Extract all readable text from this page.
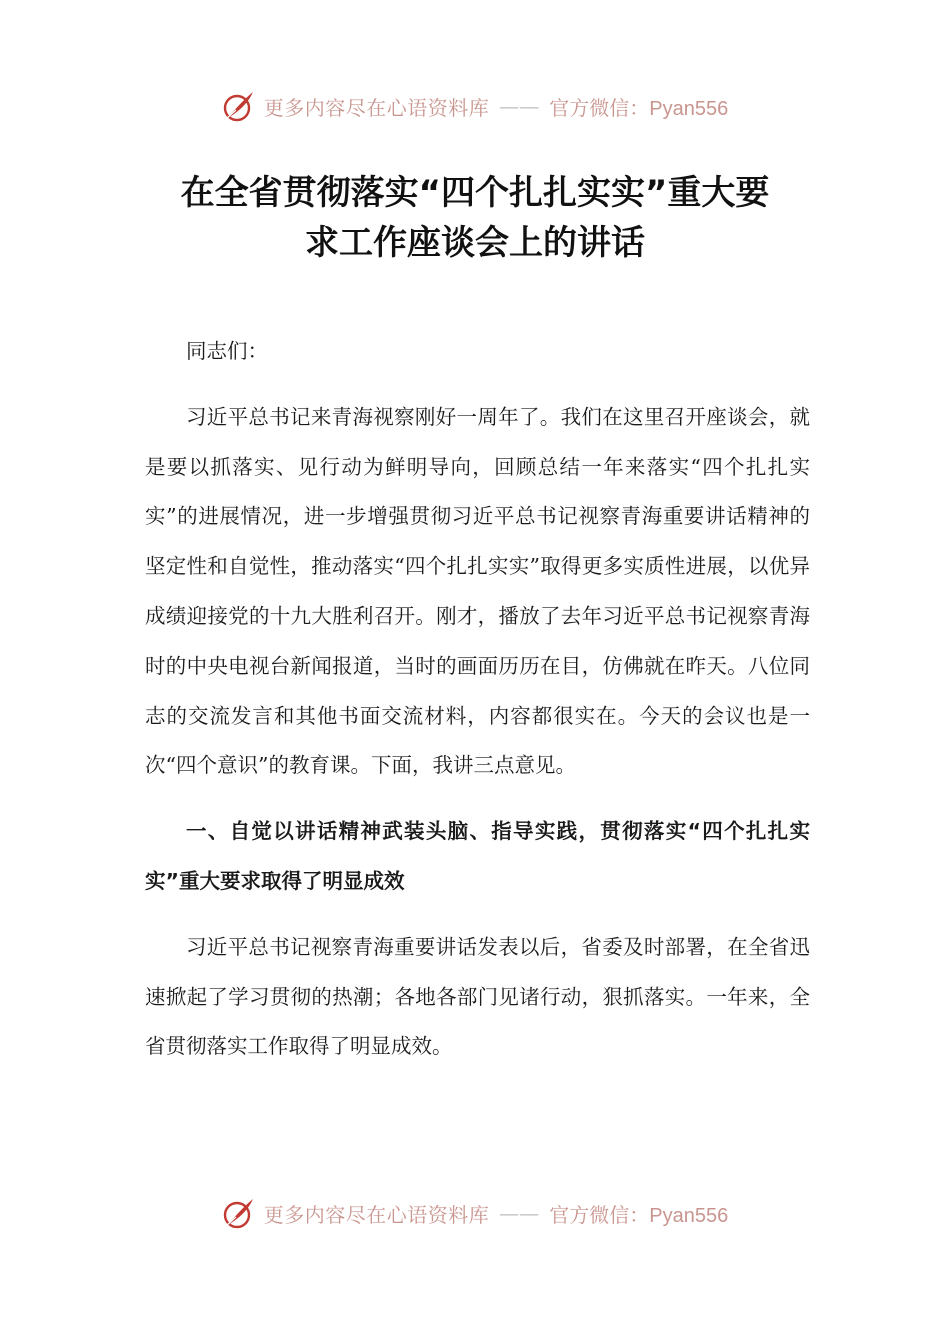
更多内容尽在心语资料库 —— 官方微信：Pyan556
在全省贯彻落实“四个扎扎实实”重大要
求工作座谈会上的讲话

同志们：

习近平总书记来青海视察刚好一周年了。我们在这里召开座谈会，就是要以抓落实、见行动为鲜明导向，回顾总结一年来落实“四个扎扎实实”的进展情况，进一步增强贯彻习近平总书记视察青海重要讲话精神的坚定性和自觉性，推动落实“四个扎扎实实”取得更多实质性进展，以优异成绩迎接党的十九大胜利召开。刚才，播放了去年习近平总书记视察青海时的中央电视台新闻报道，当时的画面历历在目，仿佛就在昨天。八位同志的交流发言和其他书面交流材料，内容都很实在。今天的会议也是一次“四个意识”的教育课。下面，我讲三点意见。

一、自觉以讲话精神武装头脑、指导实践，贯彻落实“四个扎扎实实”重大要求取得了明显成效

习近平总书记视察青海重要讲话发表以后，省委及时部署，在全省迅速掀起了学习贯彻的热潮；各地各部门见诸行动，狠抓落实。一年来，全省贯彻落实工作取得了明显成效。

更多内容尽在心语资料库 —— 官方微信：Pyan556
